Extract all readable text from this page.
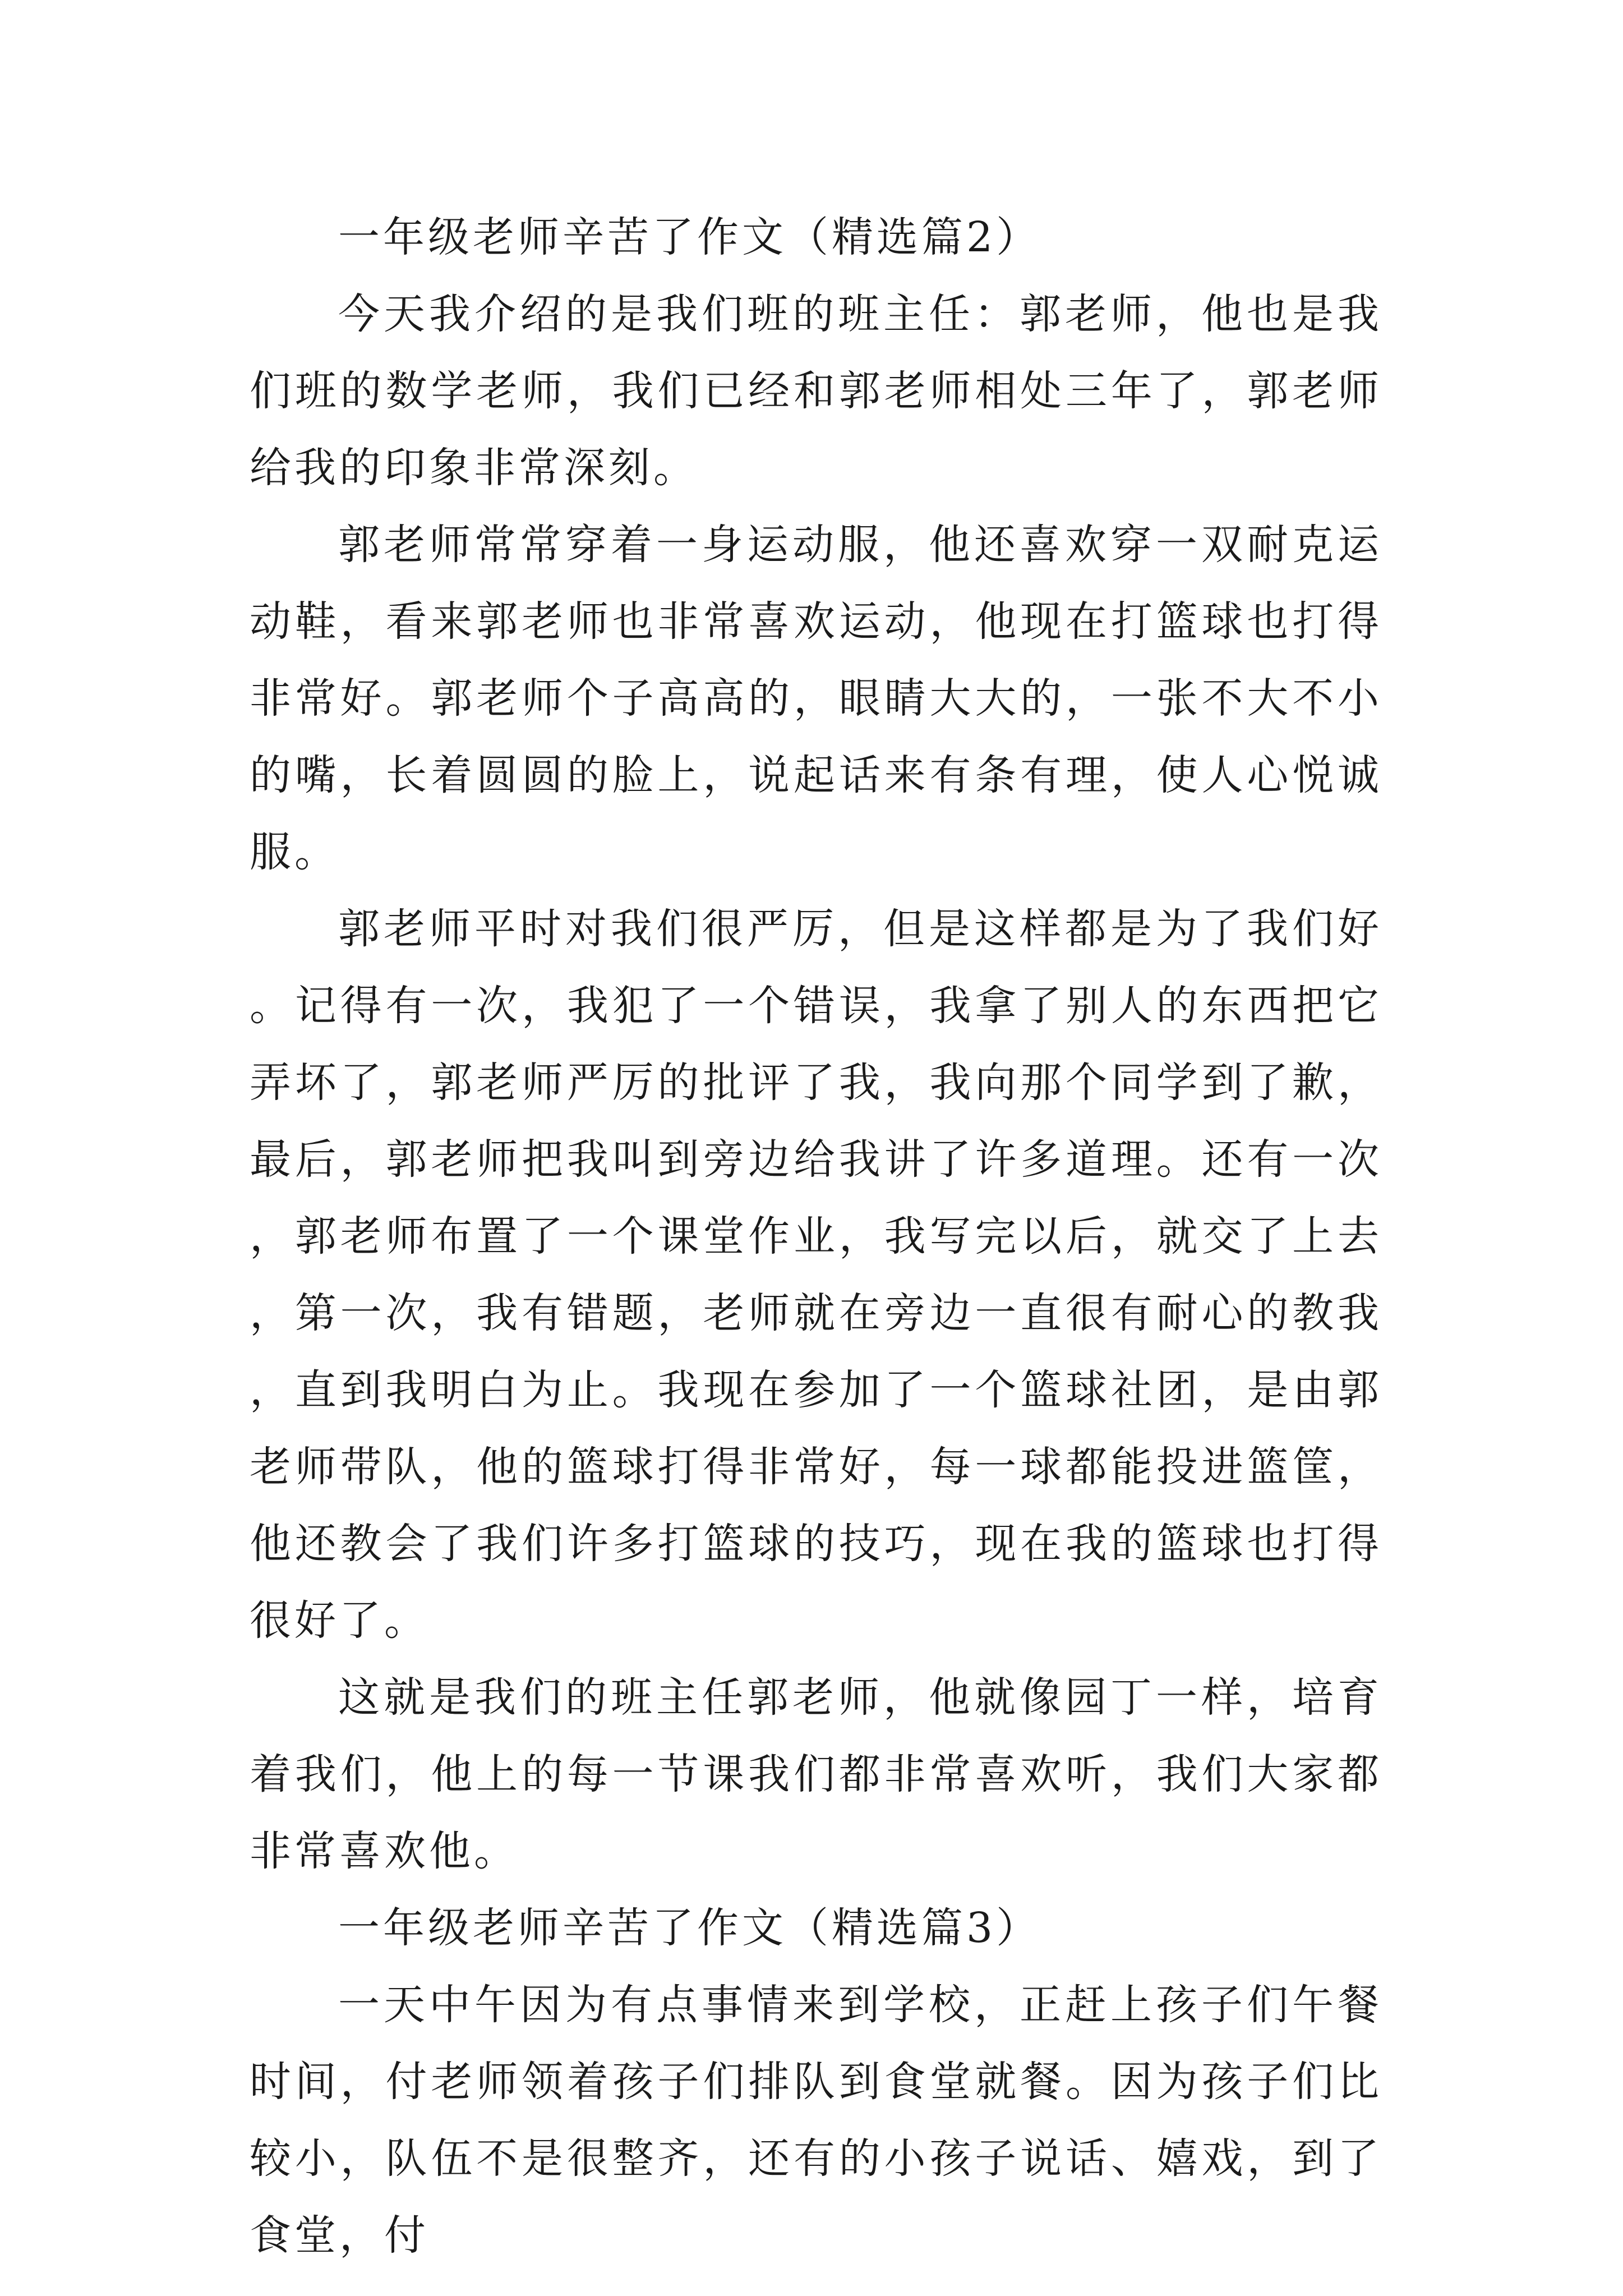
一年级老师辛苦了作文（精选篇2）

今天我介绍的是我们班的班主任：郭老师，他也是我们班的数学老师，我们已经和郭老师相处三年了，郭老师给我的印象非常深刻。

郭老师常常穿着一身运动服，他还喜欢穿一双耐克运动鞋，看来郭老师也非常喜欢运动，他现在打篮球也打得非常好。郭老师个子高高的，眼睛大大的，一张不大不小的嘴，长着圆圆的脸上，说起话来有条有理，使人心悦诚服。

郭老师平时对我们很严厉，但是这样都是为了我们好。记得有一次，我犯了一个错误，我拿了别人的东西把它弄坏了，郭老师严厉的批评了我，我向那个同学到了歉，最后，郭老师把我叫到旁边给我讲了许多道理。还有一次，郭老师布置了一个课堂作业，我写完以后，就交了上去，第一次，我有错题，老师就在旁边一直很有耐心的教我，直到我明白为止。我现在参加了一个篮球社团，是由郭老师带队，他的篮球打得非常好，每一球都能投进篮筐，他还教会了我们许多打篮球的技巧，现在我的篮球也打得很好了。

这就是我们的班主任郭老师，他就像园丁一样，培育着我们，他上的每一节课我们都非常喜欢听，我们大家都非常喜欢他。

一年级老师辛苦了作文（精选篇3）

一天中午因为有点事情来到学校，正赶上孩子们午餐时间，付老师领着孩子们排队到食堂就餐。因为孩子们比较小，队伍不是很整齐，还有的小孩子说话、嬉戏，到了食堂，付
